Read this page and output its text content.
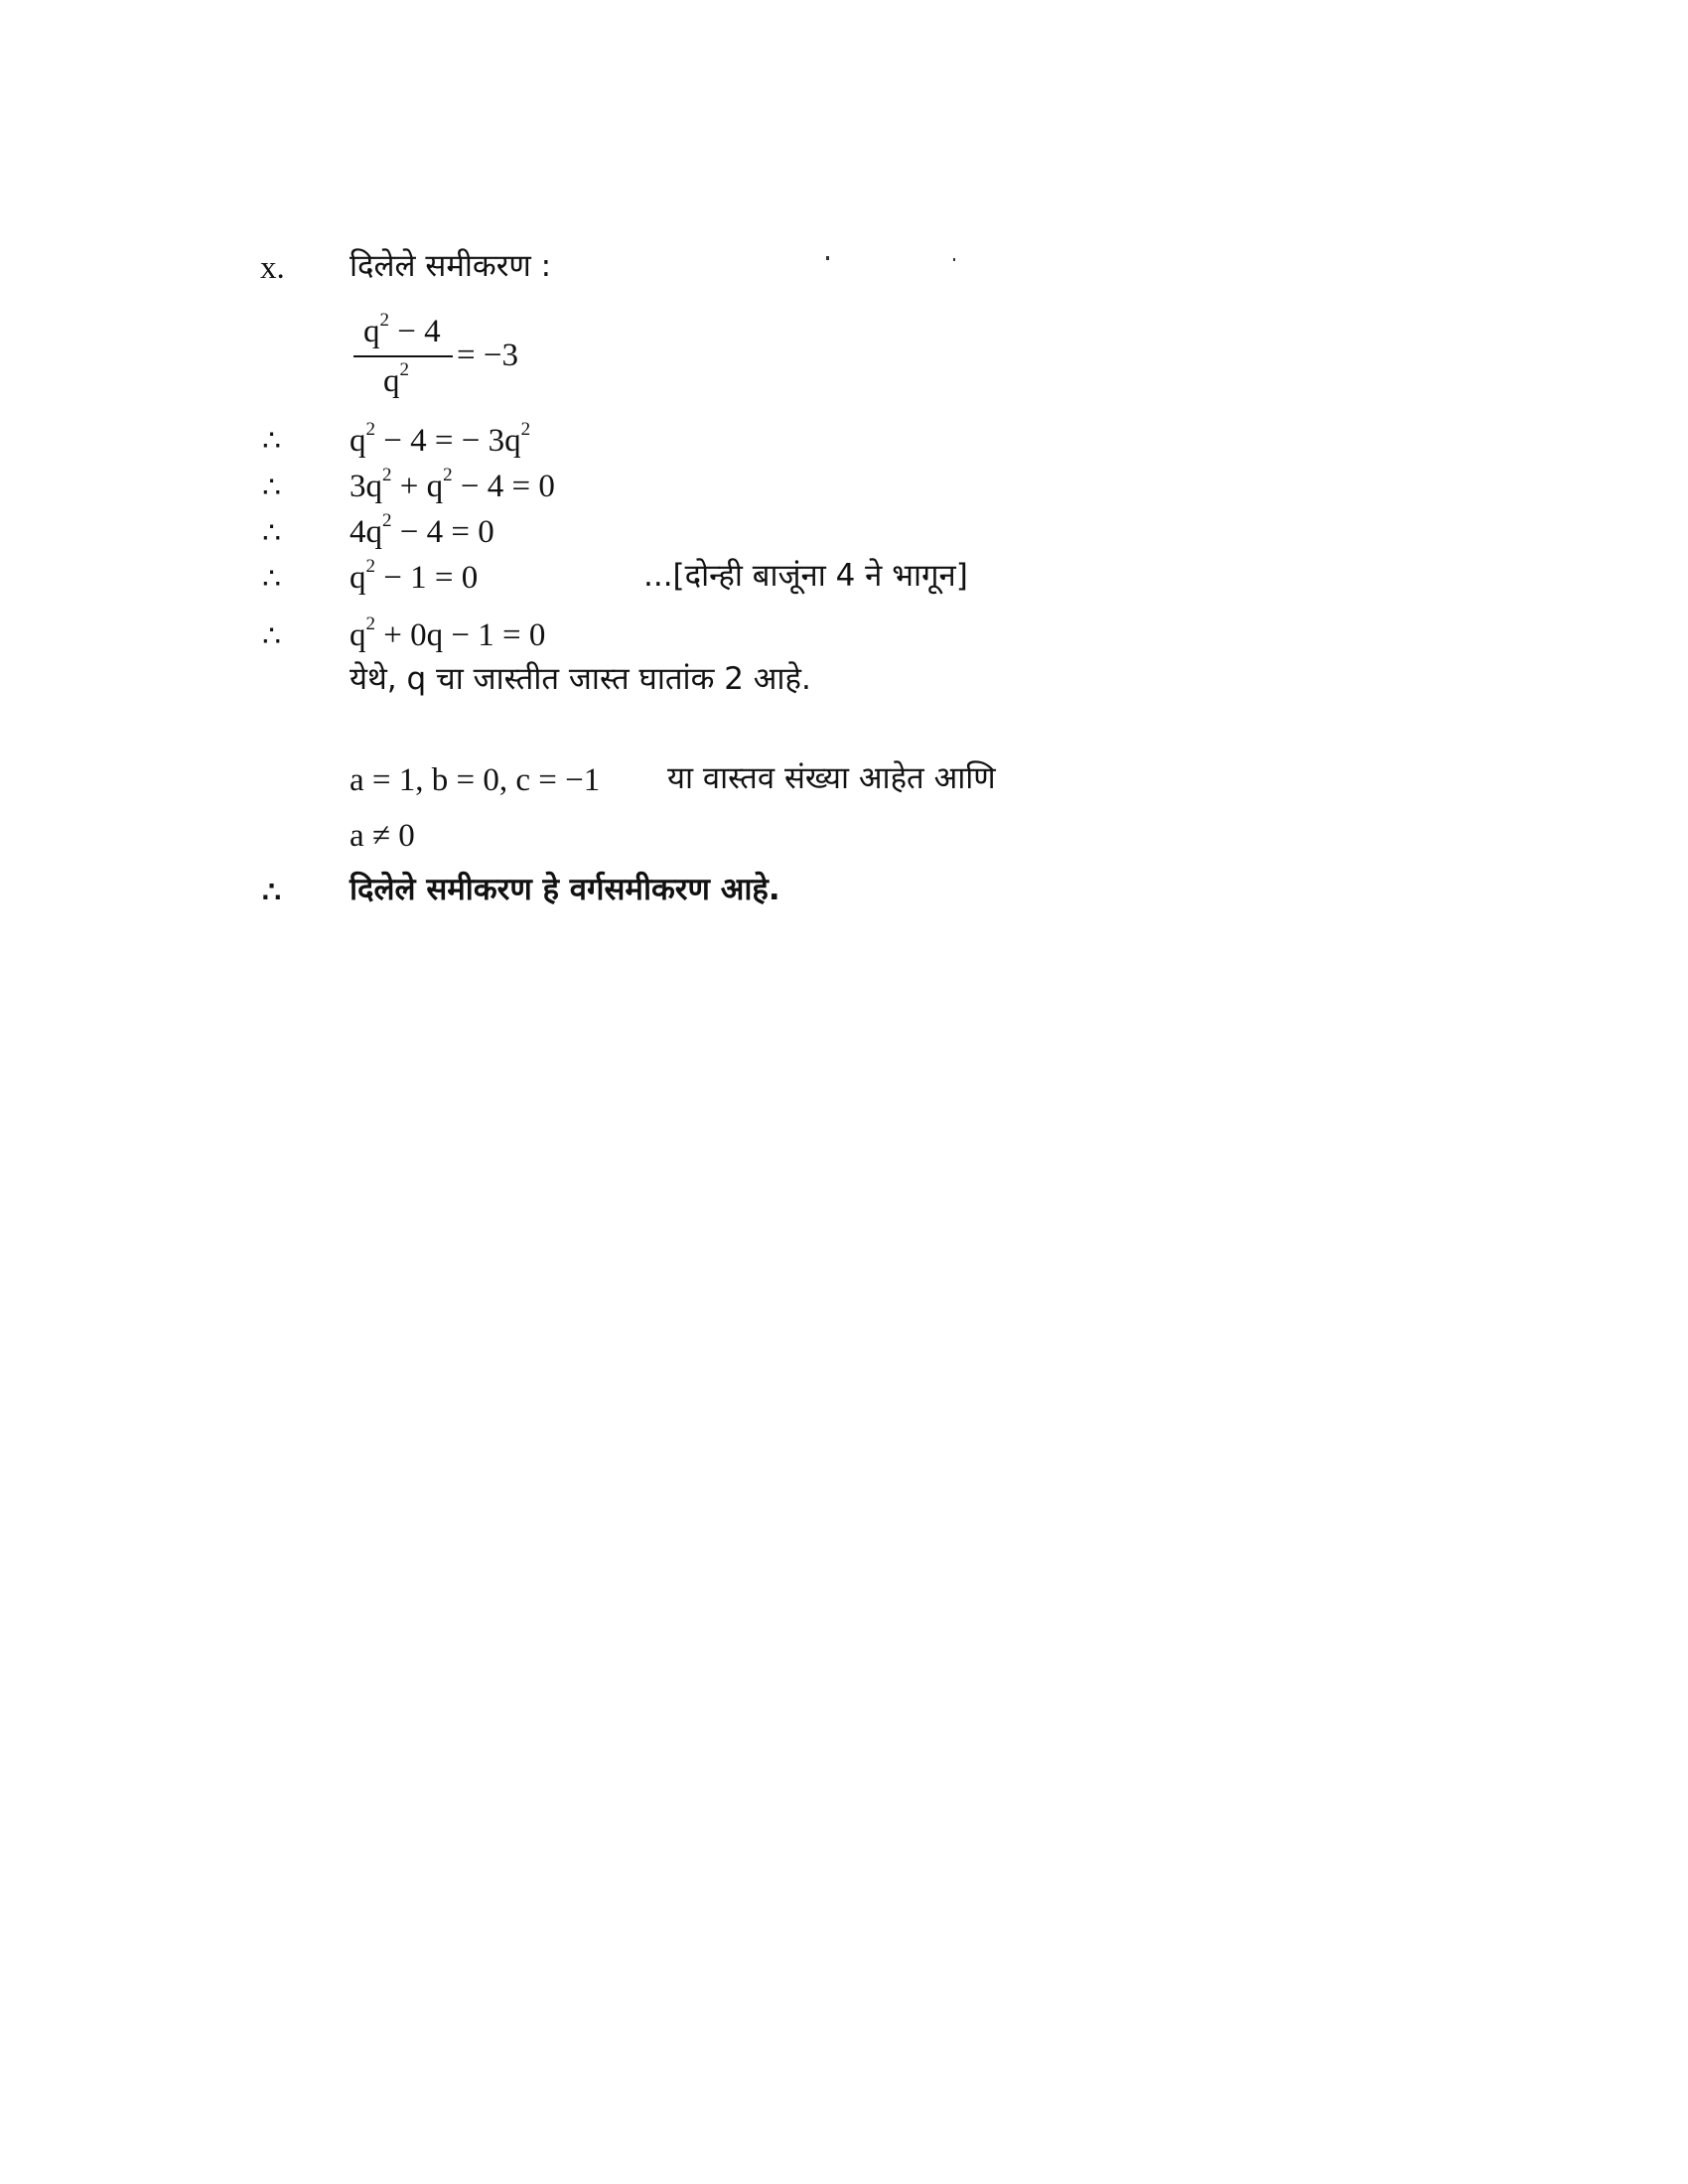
x. दिलेले समीकरण :
$q^2 - 4$
$q^2 = -3$
∴ $q^2 - 4$ = − $3q^2$
∴ $3q^2 + q^2 - 4 = 0$
∴ $4q^2 - 4 = 0$
∴ $q^2 - 1 = 0$	...[दोन्ही बाजूंना 4 ने भागून]
∴ $q^2 + 0q - 1 = 0$
येथे, q चा जास्तीत जास्त घातांक 2 आहे.
a = 1, b = 0, c = −1 या वास्तव संख्या आहेत आणि
a ≠ 0
∴ दिलेले समीकरण हे वर्गसमीकरण आहे.
